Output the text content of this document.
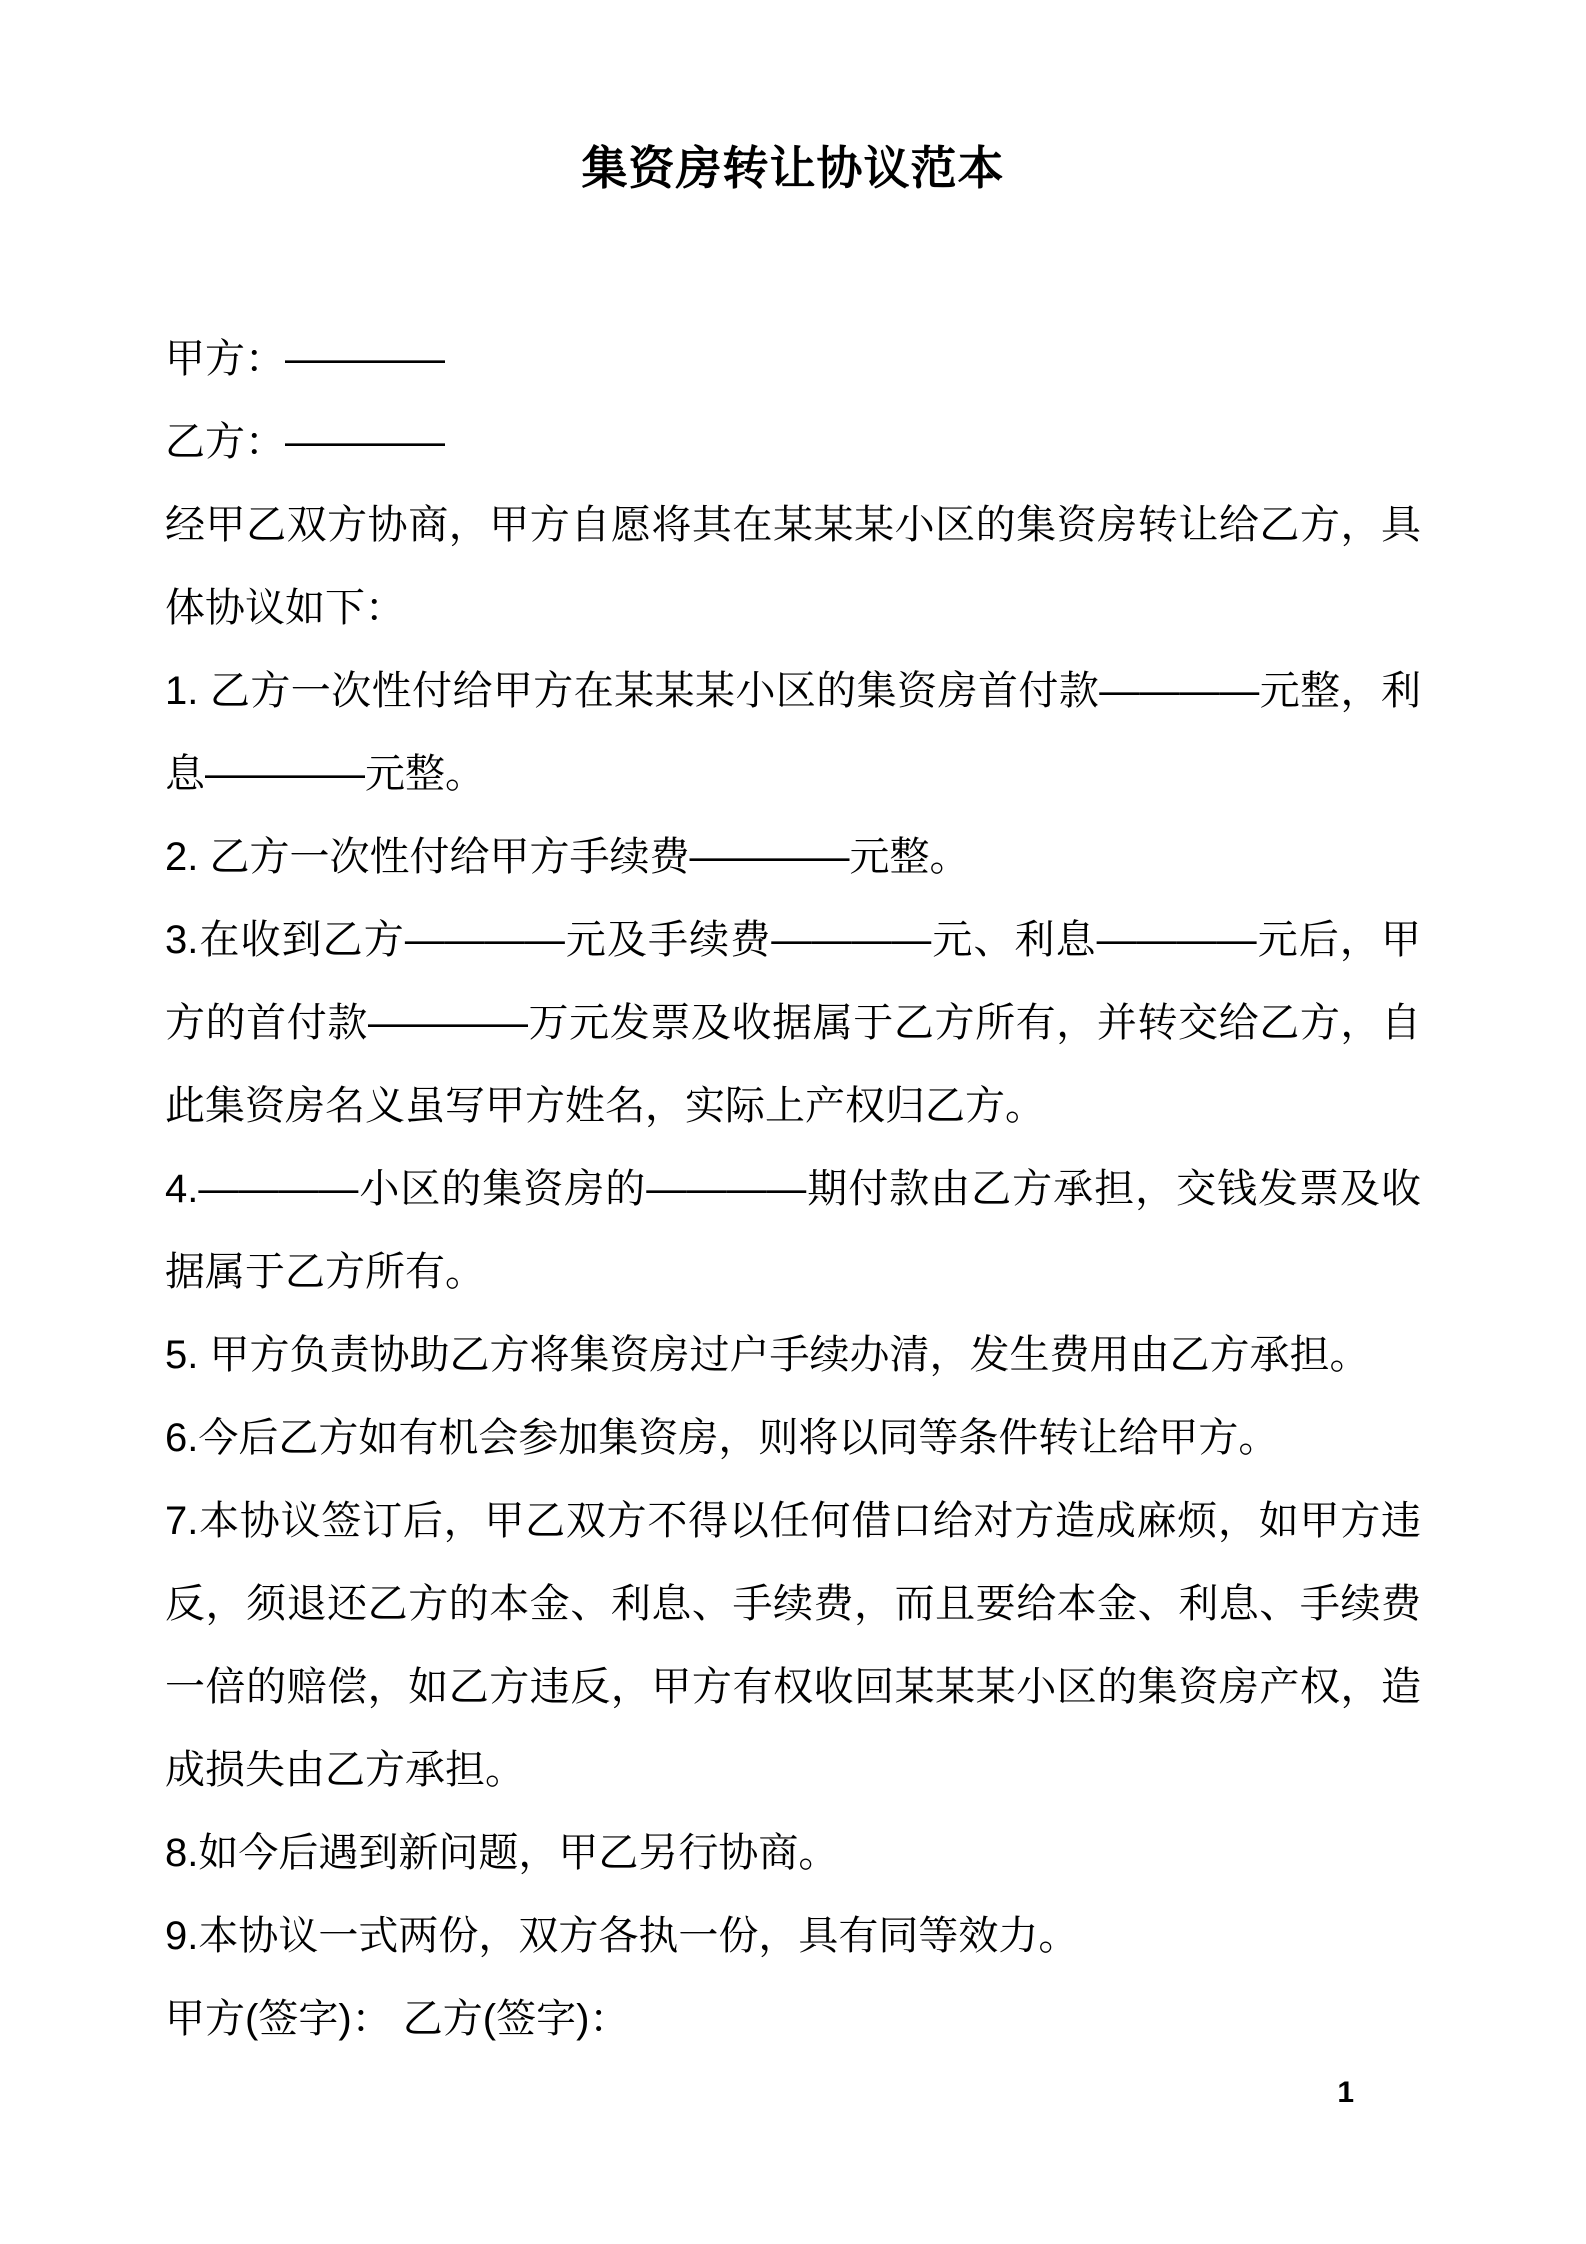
集资房转让协议范本

甲方：————

乙方：————

经甲乙双方协商，甲方自愿将其在某某某小区的集资房转让给乙方，具体协议如下：

1. 乙方一次性付给甲方在某某某小区的集资房首付款————元整，利息————元整。

2. 乙方一次性付给甲方手续费————元整。

3.在收到乙方————元及手续费————元、利息————元后，甲方的首付款————万元发票及收据属于乙方所有，并转交给乙方，自此集资房名义虽写甲方姓名，实际上产权归乙方。

4.————小区的集资房的————期付款由乙方承担，交钱发票及收据属于乙方所有。

5. 甲方负责协助乙方将集资房过户手续办清，发生费用由乙方承担。

6.今后乙方如有机会参加集资房，则将以同等条件转让给甲方。

7.本协议签订后，甲乙双方不得以任何借口给对方造成麻烦，如甲方违反，须退还乙方的本金、利息、手续费，而且要给本金、利息、手续费一倍的赔偿，如乙方违反，甲方有权收回某某某小区的集资房产权，造成损失由乙方承担。

8.如今后遇到新问题，甲乙另行协商。

9.本协议一式两份，双方各执一份，具有同等效力。

甲方(签字)： 乙方(签字)：

1
